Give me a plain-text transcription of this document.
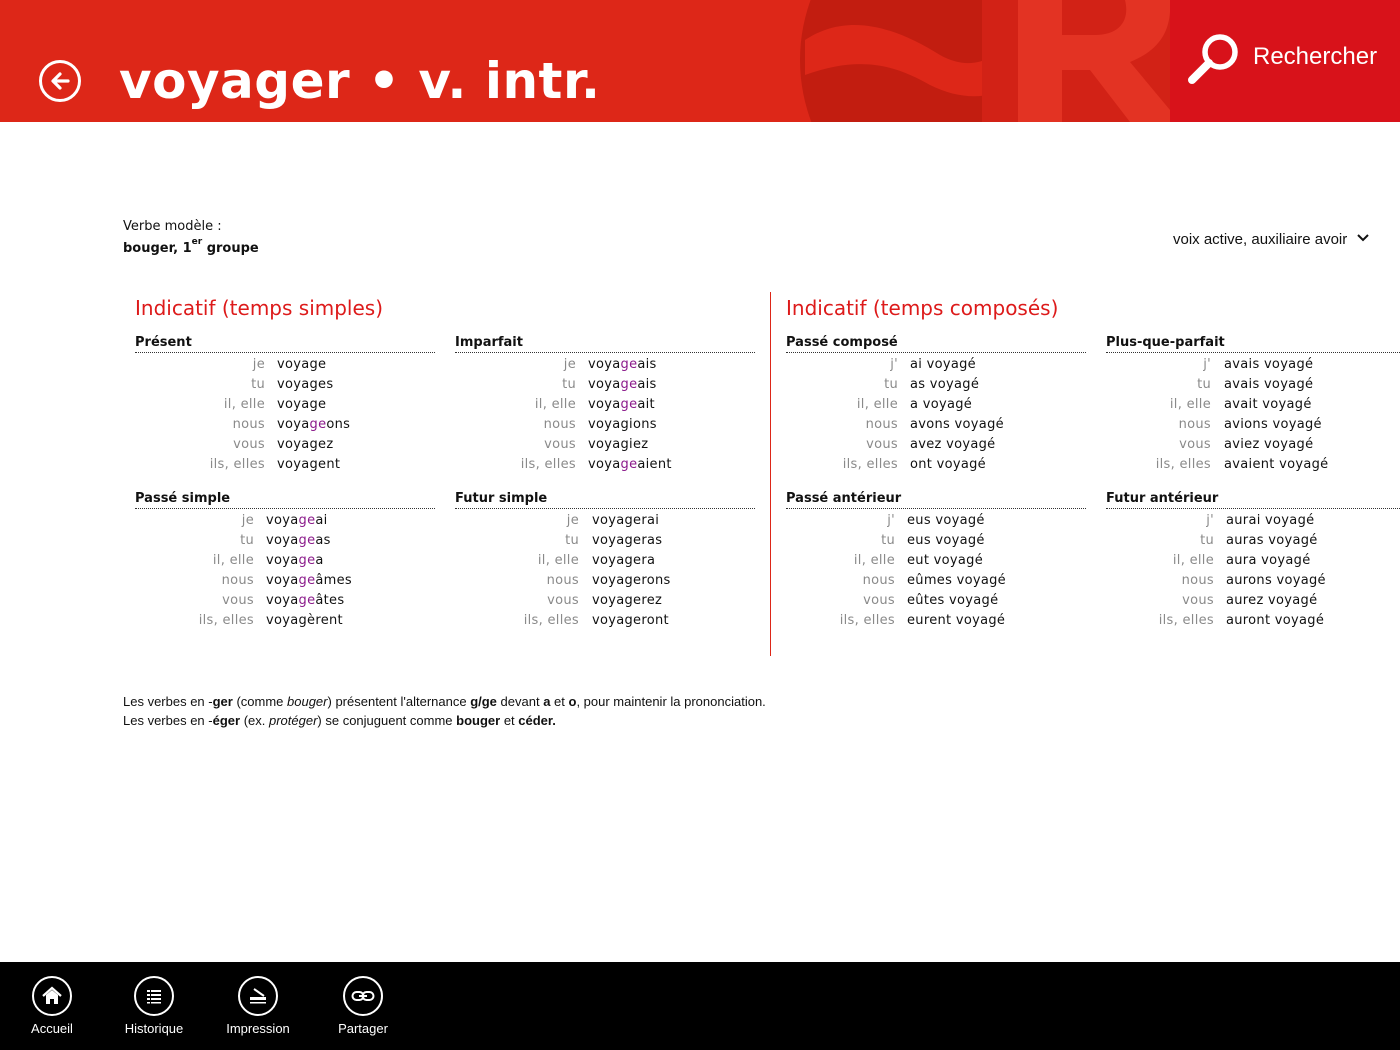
voyager • v. intr.	Rechercher
Verbe modèle :
bouger, 1er groupe
voix active, auxiliaire avoir
Indicatif (temps simples)	Indicatif (temps composés)
Présent
je voyage
tu voyages
il, elle voyage
nous voyageons
vous voyagez
ils, elles voyagent
Imparfait
je voyageais
tu voyageais
il, elle voyageait
nous voyagions
vous voyagiez
ils, elles voyageaient
Passé simple
je voyageai
tu voyageas
il, elle voyagea
nous voyageâmes
vous voyageâtes
ils, elles voyagèrent
Futur simple
je voyagerai
tu voyageras
il, elle voyagera
nous voyagerons
vous voyagerez
ils, elles voyageront
Passé composé
j' ai voyagé
tu as voyagé
il, elle a voyagé
nous avons voyagé
vous avez voyagé
ils, elles ont voyagé
Plus-que-parfait
j' avais voyagé
tu avais voyagé
il, elle avait voyagé
nous avions voyagé
vous aviez voyagé
ils, elles avaient voyagé
Passé antérieur
j' eus voyagé
tu eus voyagé
il, elle eut voyagé
nous eûmes voyagé
vous eûtes voyagé
ils, elles eurent voyagé
Futur antérieur
j' aurai voyagé
tu auras voyagé
il, elle aura voyagé
nous aurons voyagé
vous aurez voyagé
ils, elles auront voyagé
Les verbes en -ger (comme bouger) présentent l'alternance g/ge devant a et o, pour maintenir la prononciation.
Les verbes en -éger (ex. protéger) se conjuguent comme bouger et céder.
Accueil	Historique	Impression	Partager
